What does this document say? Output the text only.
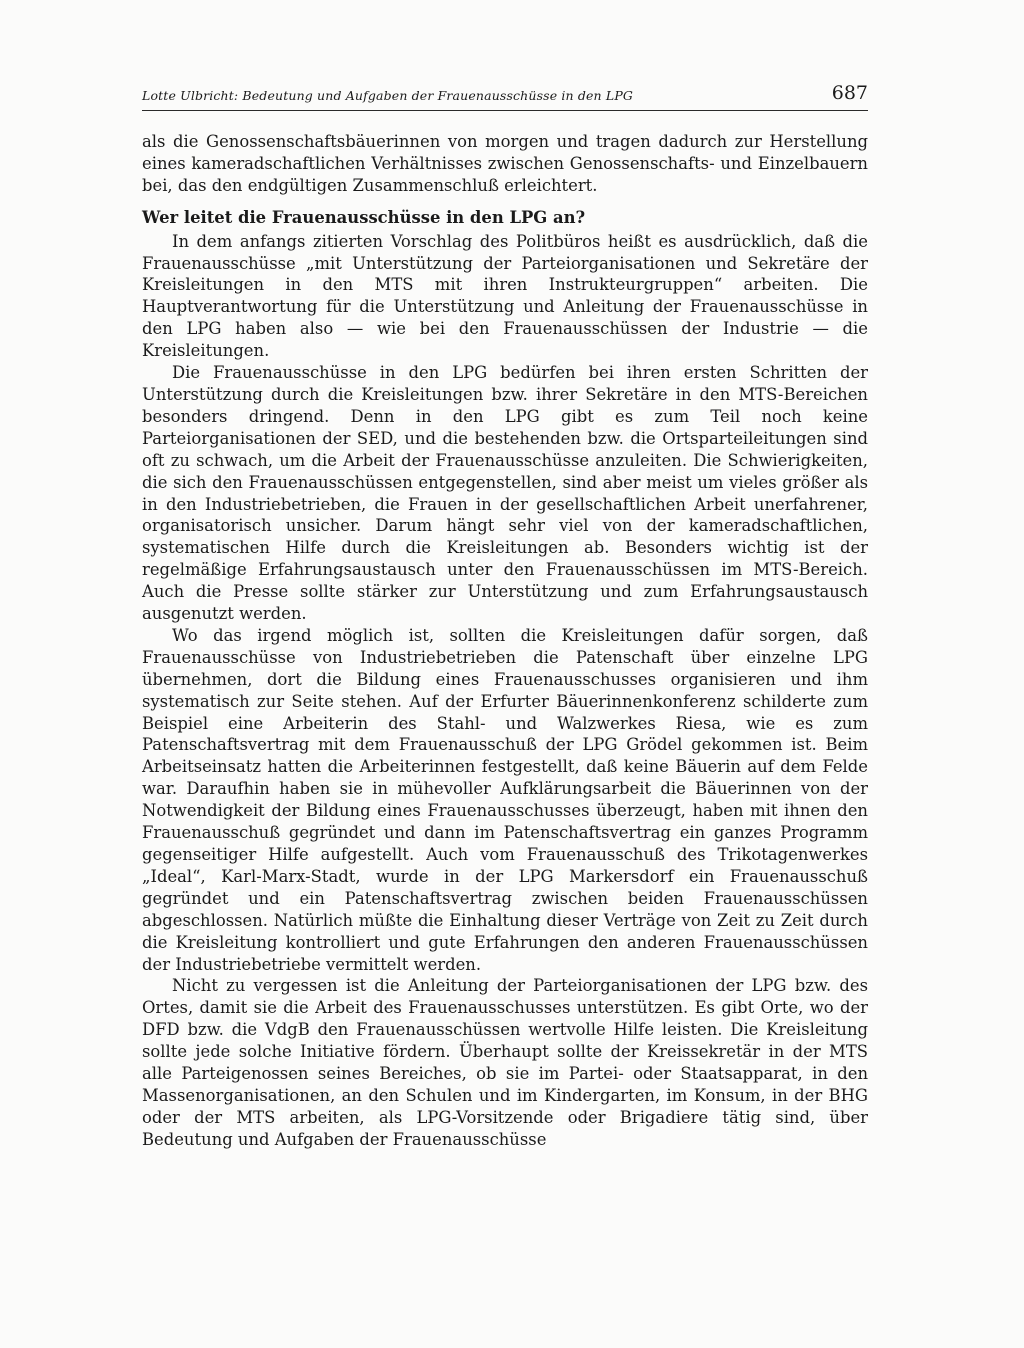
Lotte Ulbricht: Bedeutung und Aufgaben der Frauenausschüsse in den LPG	687

als die Genossenschaftsbäuerinnen von morgen und tragen dadurch zur Herstellung eines kameradschaftlichen Verhältnisses zwischen Genossenschafts- und Einzelbauern bei, das den endgültigen Zusammenschluß erleichtert.

Wer leitet die Frauenausschüsse in den LPG an?

In dem anfangs zitierten Vorschlag des Politbüros heißt es ausdrücklich, daß die Frauenausschüsse „mit Unterstützung der Parteiorganisationen und Sekretäre der Kreisleitungen in den MTS mit ihren Instrukteurgruppen“ arbeiten. Die Hauptverantwortung für die Unterstützung und Anleitung der Frauenausschüsse in den LPG haben also — wie bei den Frauenausschüssen der Industrie — die Kreisleitungen.

Die Frauenausschüsse in den LPG bedürfen bei ihren ersten Schritten der Unterstützung durch die Kreisleitungen bzw. ihrer Sekretäre in den MTS-Bereichen besonders dringend. Denn in den LPG gibt es zum Teil noch keine Parteiorganisationen der SED, und die bestehenden bzw. die Ortsparteileitungen sind oft zu schwach, um die Arbeit der Frauenausschüsse anzuleiten. Die Schwierigkeiten, die sich den Frauenausschüssen entgegenstellen, sind aber meist um vieles größer als in den Industriebetrieben, die Frauen in der gesellschaftlichen Arbeit unerfahrener, organisatorisch unsicher. Darum hängt sehr viel von der kameradschaftlichen, systematischen Hilfe durch die Kreisleitungen ab. Besonders wichtig ist der regelmäßige Erfahrungsaustausch unter den Frauenausschüssen im MTS-Bereich. Auch die Presse sollte stärker zur Unterstützung und zum Erfahrungsaustausch ausgenutzt werden.

Wo das irgend möglich ist, sollten die Kreisleitungen dafür sorgen, daß Frauenausschüsse von Industriebetrieben die Patenschaft über einzelne LPG übernehmen, dort die Bildung eines Frauenausschusses organisieren und ihm systematisch zur Seite stehen. Auf der Erfurter Bäuerinnenkonferenz schilderte zum Beispiel eine Arbeiterin des Stahl- und Walzwerkes Riesa, wie es zum Patenschaftsvertrag mit dem Frauenausschuß der LPG Grödel gekommen ist. Beim Arbeitseinsatz hatten die Arbeiterinnen festgestellt, daß keine Bäuerin auf dem Felde war. Daraufhin haben sie in mühevoller Aufklärungsarbeit die Bäuerinnen von der Notwendigkeit der Bildung eines Frauenausschusses überzeugt, haben mit ihnen den Frauenausschuß gegründet und dann im Patenschaftsvertrag ein ganzes Programm gegenseitiger Hilfe aufgestellt. Auch vom Frauenausschuß des Trikotagenwerkes „Ideal“, Karl-Marx-Stadt, wurde in der LPG Markersdorf ein Frauenausschuß gegründet und ein Patenschaftsvertrag zwischen beiden Frauenausschüssen abgeschlossen. Natürlich müßte die Einhaltung dieser Verträge von Zeit zu Zeit durch die Kreisleitung kontrolliert und gute Erfahrungen den anderen Frauenausschüssen der Industriebetriebe vermittelt werden.

Nicht zu vergessen ist die Anleitung der Parteiorganisationen der LPG bzw. des Ortes, damit sie die Arbeit des Frauenausschusses unterstützen. Es gibt Orte, wo der DFD bzw. die VdgB den Frauenausschüssen wertvolle Hilfe leisten. Die Kreisleitung sollte jede solche Initiative fördern. Überhaupt sollte der Kreissekretär in der MTS alle Parteigenossen seines Bereiches, ob sie im Partei- oder Staatsapparat, in den Massenorganisationen, an den Schulen und im Kindergarten, im Konsum, in der BHG oder der MTS arbeiten, als LPG-Vorsitzende oder Brigadiere tätig sind, über Bedeutung und Aufgaben der Frauenausschüsse
